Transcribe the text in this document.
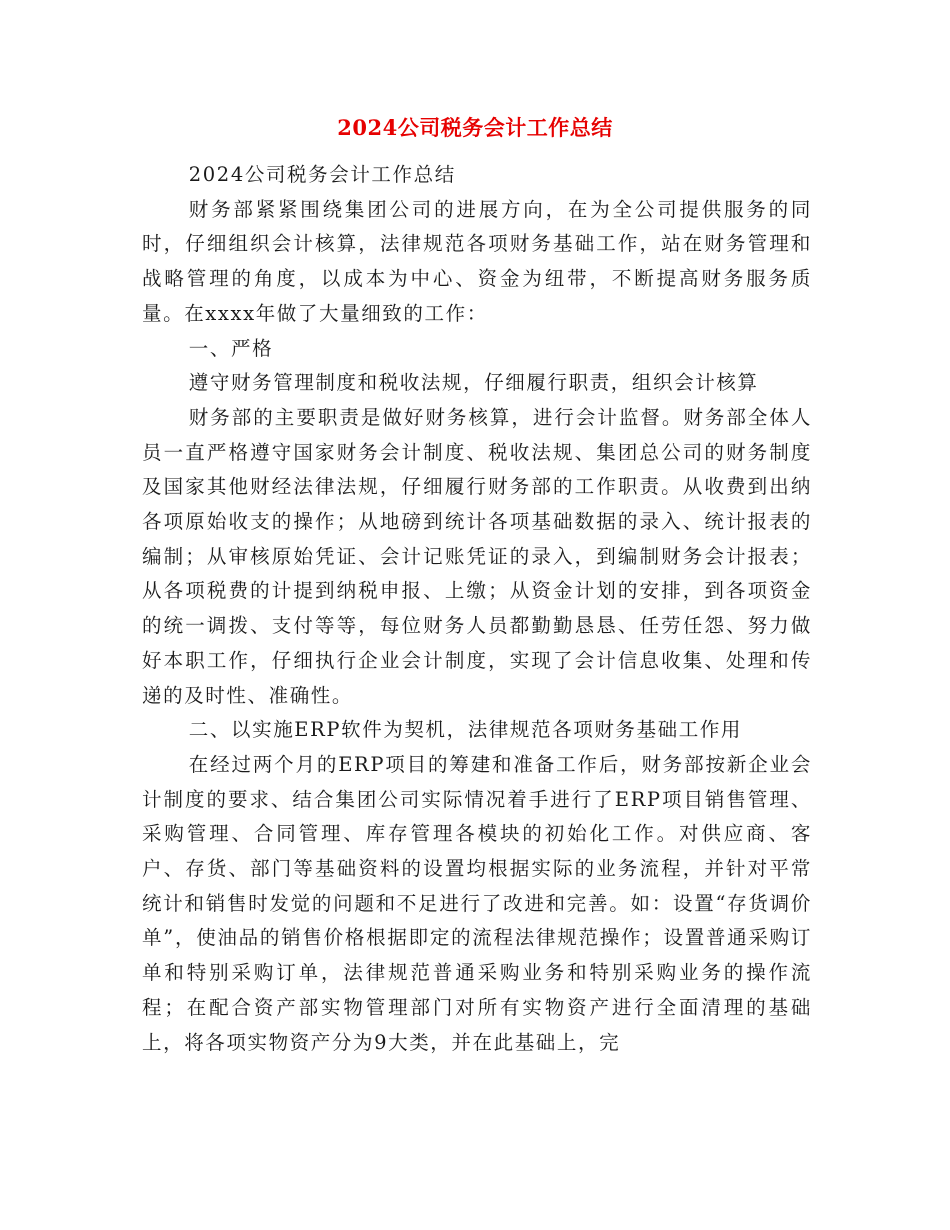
2024公司税务会计工作总结

2024公司税务会计工作总结

财务部紧紧围绕集团公司的进展方向，在为全公司提供服务的同时，仔细组织会计核算，法律规范各项财务基础工作，站在财务管理和战略管理的角度，以成本为中心、资金为纽带，不断提高财务服务质量。在xxxx年做了大量细致的工作：

一、严格

遵守财务管理制度和税收法规，仔细履行职责，组织会计核算

财务部的主要职责是做好财务核算，进行会计监督。财务部全体人员一直严格遵守国家财务会计制度、税收法规、集团总公司的财务制度及国家其他财经法律法规，仔细履行财务部的工作职责。从收费到出纳各项原始收支的操作；从地磅到统计各项基础数据的录入、统计报表的编制；从审核原始凭证、会计记账凭证的录入，到编制财务会计报表；从各项税费的计提到纳税申报、上缴；从资金计划的安排，到各项资金的统一调拨、支付等等，每位财务人员都勤勤恳恳、任劳任怨、努力做好本职工作，仔细执行企业会计制度，实现了会计信息收集、处理和传递的及时性、准确性。

二、以实施ERP软件为契机，法律规范各项财务基础工作用

在经过两个月的ERP项目的筹建和准备工作后，财务部按新企业会计制度的要求、结合集团公司实际情况着手进行了ERP项目销售管理、采购管理、合同管理、库存管理各模块的初始化工作。对供应商、客户、存货、部门等基础资料的设置均根据实际的业务流程，并针对平常统计和销售时发觉的问题和不足进行了改进和完善。如：设置“存货调价单”，使油品的销售价格根据即定的流程法律规范操作；设置普通采购订单和特别采购订单，法律规范普通采购业务和特别采购业务的操作流程；在配合资产部实物管理部门对所有实物资产进行全面清理的基础上，将各项实物资产分为9大类，并在此基础上，完
